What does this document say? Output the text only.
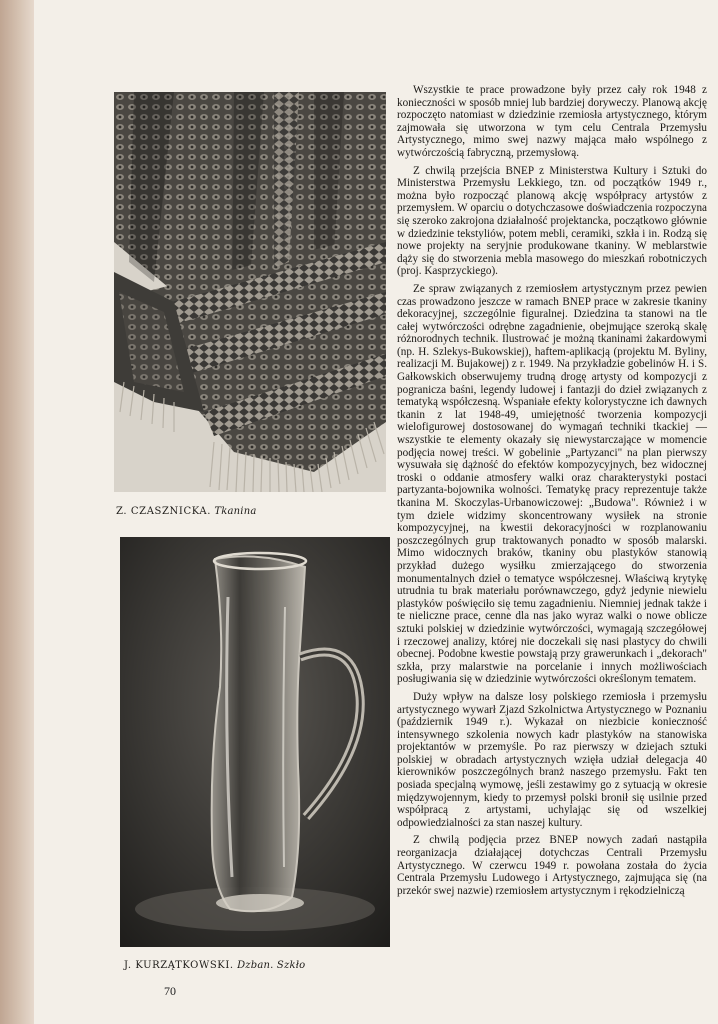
Z. CZASZNICKA. Tkanina
J. KURZĄTKOWSKI. Dzban. Szkło
70

Wszystkie te prace prowadzone były przez cały rok 1948 z konieczności w sposób mniej lub bardziej doryweczy. Planową akcję rozpoczęto natomiast w dziedzinie rzemiosła artystycznego, którym zajmowała się utworzona w tym celu Centrala Przemysłu Artystycznego, mimo swej nazwy mająca mało wspólnego z wytwórczością fabryczną, przemysłową.

Z chwilą przejścia BNEP z Ministerstwa Kultury i Sztuki do Ministerstwa Przemysłu Lekkiego, tzn. od początków 1949 r., można było rozpocząć planową akcję współpracy artystów z przemysłem. W oparciu o dotychczasowe doświadczenia rozpoczyna się szeroko zakrojona działalność projektancka, początkowo głównie w dziedzinie tekstyliów, potem mebli, ceramiki, szkła i in. Rodzą się nowe projekty na seryjnie produkowane tkaniny. W meblarstwie dąży się do stworzenia mebla masowego do mieszkań robotniczych (proj. Kasprzyckiego).

Ze spraw związanych z rzemiosłem artystycznym przez pewien czas prowadzono jeszcze w ramach BNEP prace w zakresie tkaniny dekoracyjnej, szczególnie figuralnej. Dziedzina ta stanowi na tle całej wytwórczości odrębne zagadnienie, obejmujące szeroką skalę różnorodnych technik. Ilustrować je możną tkaninami żakardowymi (np. H. Szlekys-Bukowskiej), haftem-aplikacją (projektu M. Byliny, realizacji M. Bujakowej) z r. 1949. Na przykładzie gobelinów H. i S. Gałkowskich obserwujemy trudną drogę artysty od kompozycji z pogranicza baśni, legendy ludowej i fantazji do dzieł związanych z tematyką współczesną. Wspaniałe efekty kolorystyczne ich dawnych tkanin z lat 1948-49, umiejętność tworzenia kompozycji wielofigurowej dostosowanej do wymagań techniki tkackiej — wszystkie te elementy okazały się niewystarczające w momencie podjęcia nowej treści. W gobelinie „Partyzanci" na plan pierwszy wysuwała się dążność do efektów kompozycyjnych, bez widocznej troski o oddanie atmosfery walki oraz charakterystyki postaci partyzanta-bojownika wolności. Tematykę pracy reprezentuje także tkanina M. Skoczylas-Urbanowiczowej: „Budowa". Również i w tym dziele widzimy skoncentrowany wysiłek na stronie kompozycyjnej, na kwestii dekoracyjności w rozplanowaniu poszczególnych grup traktowanych ponadto w sposób malarski. Mimo widocznych braków, tkaniny obu plastyków stanowią przykład dużego wysiłku zmierzającego do stworzenia monumentalnych dzieł o tematyce współczesnej. Właściwą krytykę utrudnia tu brak materiału porównawczego, gdyż jedynie niewielu plastyków poświęciło się temu zagadnieniu. Niemniej jednak także i te nieliczne prace, cenne dla nas jako wyraz walki o nowe oblicze sztuki polskiej w dziedzinie wytwórczości, wymagają szczegółowej i rzeczowej analizy, której nie doczekali się nasi plastycy do chwili obecnej. Podobne kwestie powstają przy grawerunkach i „dekorach" szkła, przy malarstwie na porcelanie i innych możliwościach posługiwania się w dziedzinie wytwórczości określonym tematem.

Duży wpływ na dalsze losy polskiego rzemiosła i przemysłu artystycznego wywarł Zjazd Szkolnictwa Artystycznego w Poznaniu (październik 1949 r.). Wykazał on niezbicie konieczność intensywnego szkolenia nowych kadr plastyków na stanowiska projektantów w przemyśle. Po raz pierwszy w dziejach sztuki polskiej w obradach artystycznych wzięła udział delegacja 40 kierowników poszczególnych branż naszego przemysłu. Fakt ten posiada specjalną wymowę, jeśli zestawimy go z sytuacją w okresie międzywojennym, kiedy to przemysł polski bronił się usilnie przed współpracą z artystami, uchylając się od wszelkiej odpowiedzialności za stan naszej kultury.

Z chwilą podjęcia przez BNEP nowych zadań nastąpiła reorganizacja działającej dotychczas Centrali Przemysłu Artystycznego. W czerwcu 1949 r. powołana została do życia Centrala Przemysłu Ludowego i Artystycznego, zajmująca się (na przekór swej nazwie) rzemiosłem artystycznym i rękodzielniczą
